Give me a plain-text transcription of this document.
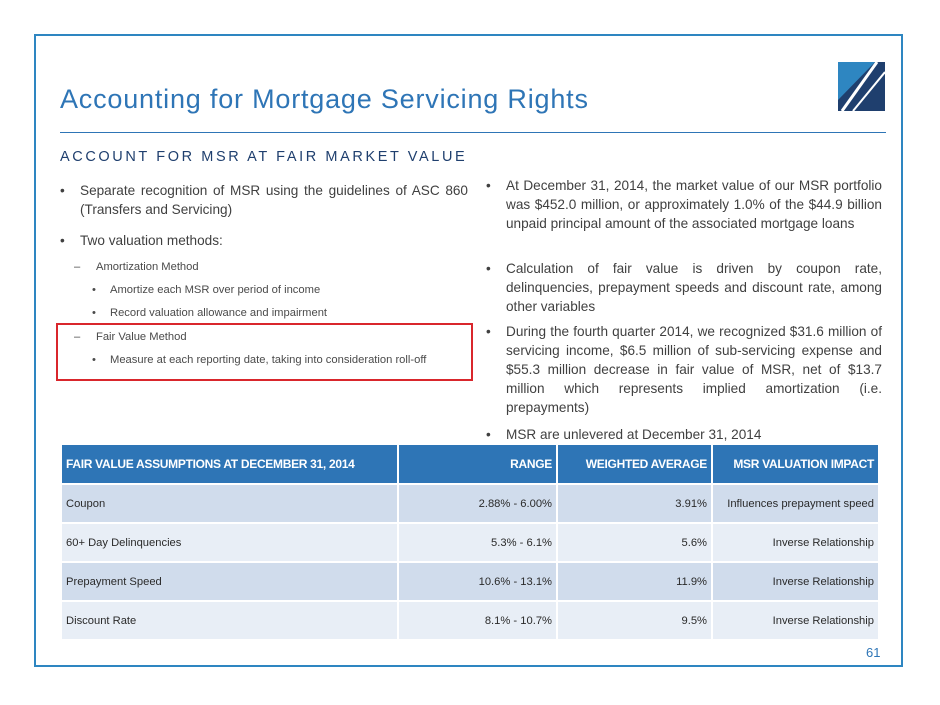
Accounting for Mortgage Servicing Rights
ACCOUNT FOR MSR AT FAIR MARKET VALUE
• Separate recognition of MSR using the guidelines of ASC 860 (Transfers and Servicing)
• Two valuation methods:
– Amortization Method
• Amortize each MSR over period of income
• Record valuation allowance and impairment
– Fair Value Method
• Measure at each reporting date, taking into consideration roll-off
• At December 31, 2014, the market value of our MSR portfolio was $452.0 million, or approximately 1.0% of the $44.9 billion unpaid principal amount of the associated mortgage loans
• Calculation of fair value is driven by coupon rate, delinquencies, prepayment speeds and discount rate, among other variables
• During the fourth quarter 2014, we recognized $31.6 million of servicing income, $6.5 million of sub-servicing expense and $55.3 million decrease in fair value of MSR, net of $13.7 million which represents implied amortization (i.e. prepayments)
• MSR are unlevered at December 31, 2014
FAIR VALUE ASSUMPTIONS AT DECEMBER 31, 2014	RANGE	WEIGHTED AVERAGE	MSR VALUATION IMPACT
Coupon	2.88% - 6.00%	3.91%	Influences prepayment speed
60+ Day Delinquencies	5.3% - 6.1%	5.6%	Inverse Relationship
Prepayment Speed	10.6% - 13.1%	11.9%	Inverse Relationship
Discount Rate	8.1% - 10.7%	9.5%	Inverse Relationship
61
